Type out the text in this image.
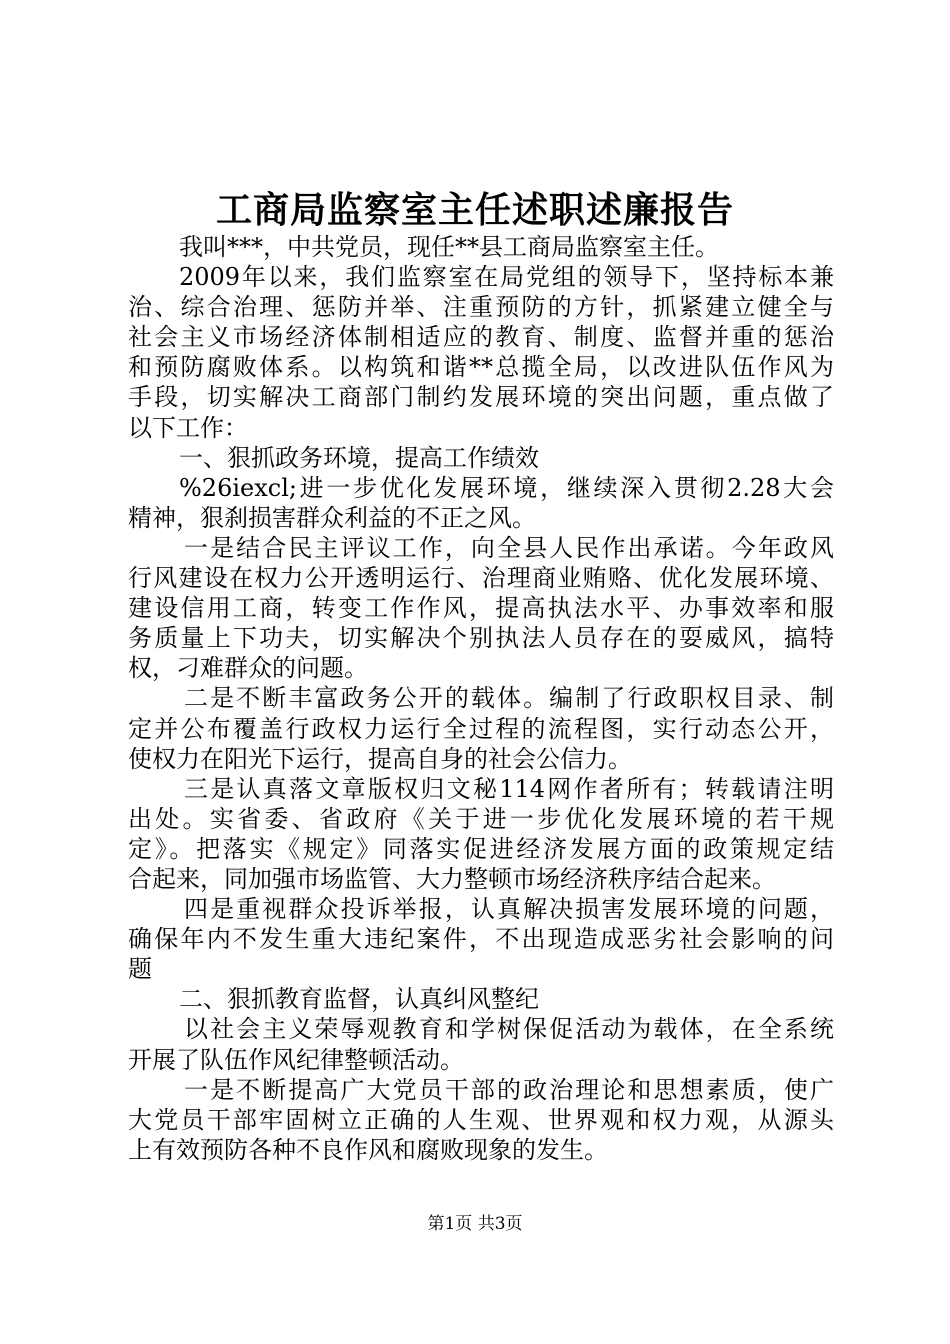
工商局监察室主任述职述廉报告
我叫***，中共党员，现任**县工商局监察室主任。
2009年以来，我们监察室在局党组的领导下，坚持标本兼
治、综合治理、惩防并举、注重预防的方针，抓紧建立健全与
社会主义市场经济体制相适应的教育、制度、监督并重的惩治
和预防腐败体系。以构筑和谐**总揽全局，以改进队伍作风为
手段，切实解决工商部门制约发展环境的突出问题，重点做了
以下工作：
一、狠抓政务环境，提高工作绩效
%26iexcl;进一步优化发展环境，继续深入贯彻2.28大会
精神，狠刹损害群众利益的不正之风。
一是结合民主评议工作，向全县人民作出承诺。今年政风
行风建设在权力公开透明运行、治理商业贿赂、优化发展环境、
建设信用工商，转变工作作风，提高执法水平、办事效率和服
务质量上下功夫，切实解决个别执法人员存在的耍威风，搞特
权，刁难群众的问题。
二是不断丰富政务公开的载体。编制了行政职权目录、制
定并公布覆盖行政权力运行全过程的流程图，实行动态公开，
使权力在阳光下运行，提高自身的社会公信力。
三是认真落文章版权归文秘114网作者所有；转载请注明
出处。实省委、省政府《关于进一步优化发展环境的若干规
定》。把落实《规定》同落实促进经济发展方面的政策规定结
合起来，同加强市场监管、大力整顿市场经济秩序结合起来。
四是重视群众投诉举报，认真解决损害发展环境的问题，
确保年内不发生重大违纪案件，不出现造成恶劣社会影响的问
题
二、狠抓教育监督，认真纠风整纪
以社会主义荣辱观教育和学树保促活动为载体，在全系统
开展了队伍作风纪律整顿活动。
一是不断提高广大党员干部的政治理论和思想素质，使广
大党员干部牢固树立正确的人生观、世界观和权力观，从源头
上有效预防各种不良作风和腐败现象的发生。
第1页 共3页
